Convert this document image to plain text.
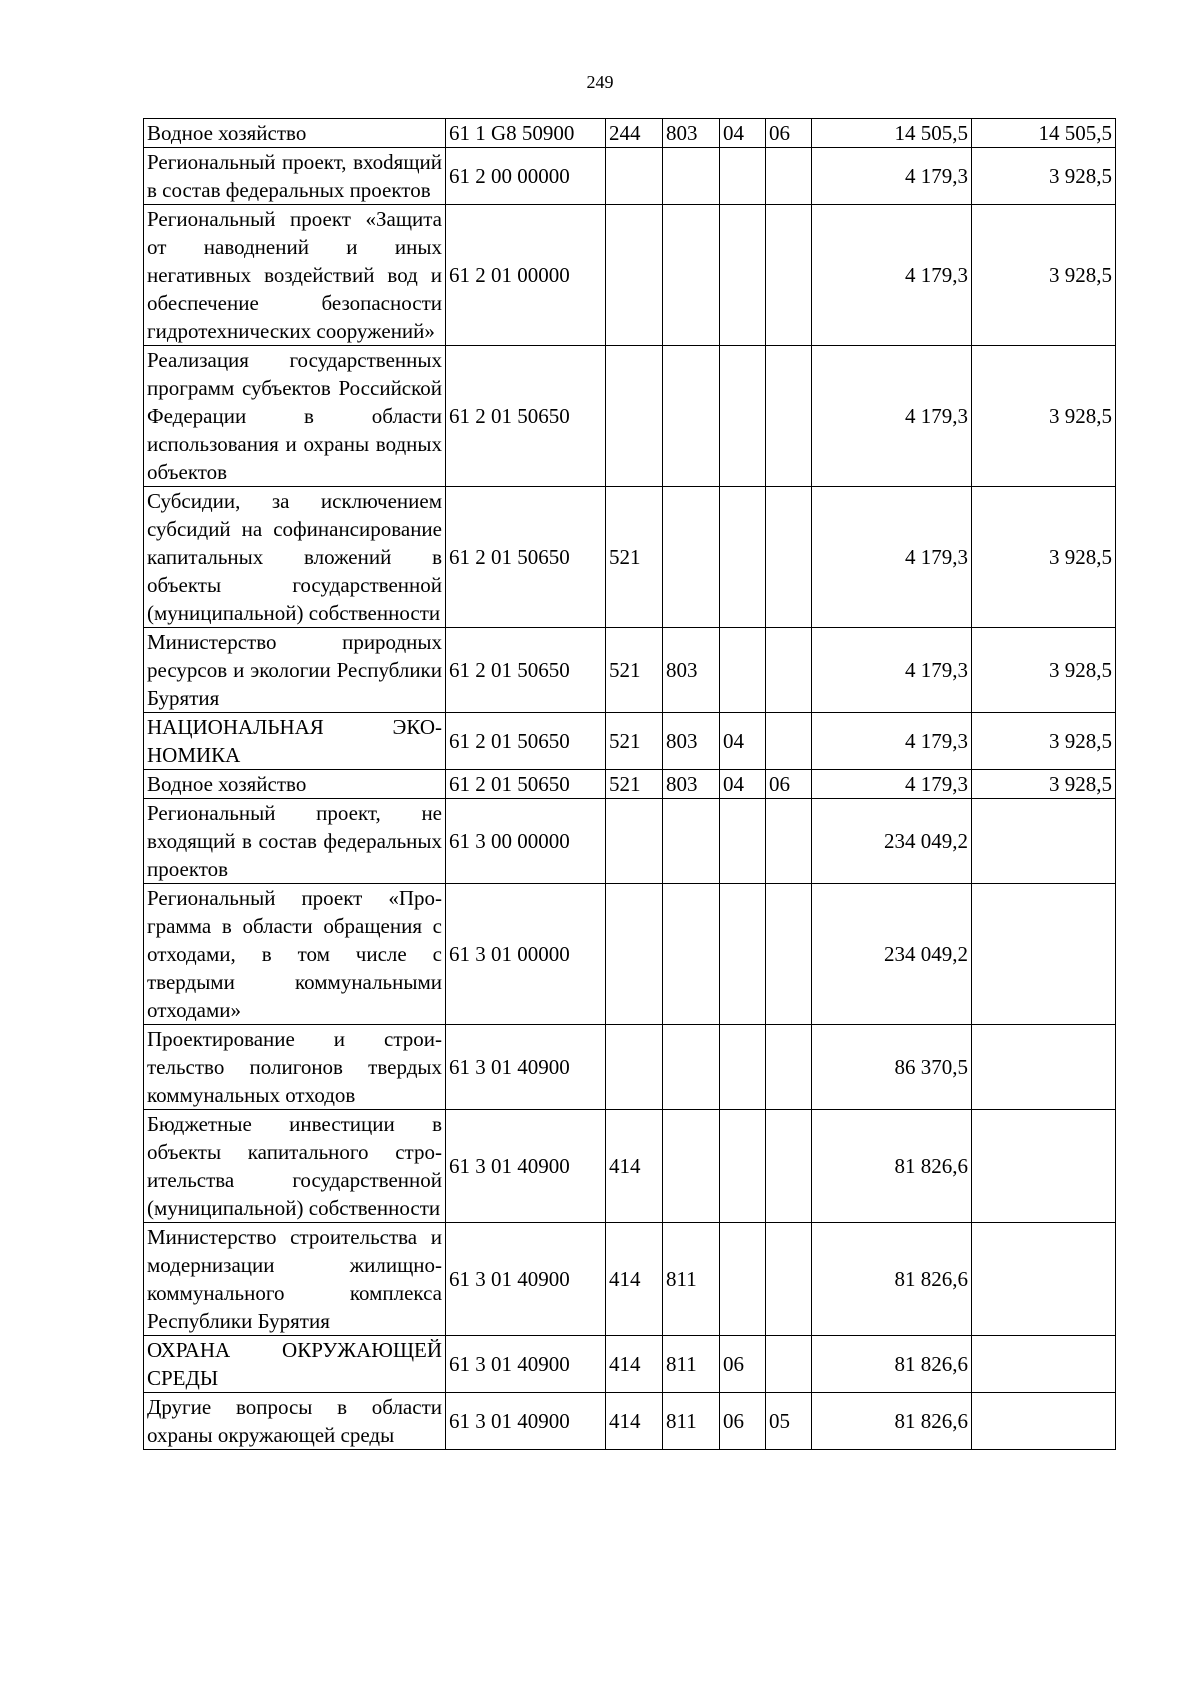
249
Водное хозяйство	61 1 G8 50900	244	803	04	06	14 505,5	14 505,5
Региональный проект, вхоdящий в состав федеральных проектов	61 2 00 00000					4 179,3	3 928,5
Региональный проект «Защита от наводнений и иных негативных воздействий вод и обеспечение безопасности гидротехнических сооружений»	61 2 01 00000					4 179,3	3 928,5
Реализация государственных программ субъектов Российской Федерации в области использования и охраны водных объектов	61 2 01 50650					4 179,3	3 928,5
Субсидии, за исключением субсидий на софинансирование капитальных вложений в объекты государственной (муниципальной) собственности	61 2 01 50650	521				4 179,3	3 928,5
Министерство природных ресурсов и экологии Республики Бурятия	61 2 01 50650	521	803			4 179,3	3 928,5
НАЦИОНАЛЬНАЯ ЭКОНОМИКА	61 2 01 50650	521	803	04		4 179,3	3 928,5
Водное хозяйство	61 2 01 50650	521	803	04	06	4 179,3	3 928,5
Региональный проект, не входящий в состав федеральных проектов	61 3 00 00000					234 049,2	
Региональный проект «Программа в области обращения с отходами, в том числе с твердыми коммунальными отходами»	61 3 01 00000					234 049,2	
Проектирование и строительство полигонов твердых коммунальных отходов	61 3 01 40900					86 370,5	
Бюджетные инвестиции в объекты капитального строительства государственной (муниципальной) собственности	61 3 01 40900	414				81 826,6	
Министерство строительства и модернизации жилищно-коммунального комплекса Республики Бурятия	61 3 01 40900	414	811			81 826,6	
ОХРАНА ОКРУЖАЮЩЕЙ СРЕДЫ	61 3 01 40900	414	811	06		81 826,6	
Другие вопросы в области охраны окружающей среды	61 3 01 40900	414	811	06	05	81 826,6	
